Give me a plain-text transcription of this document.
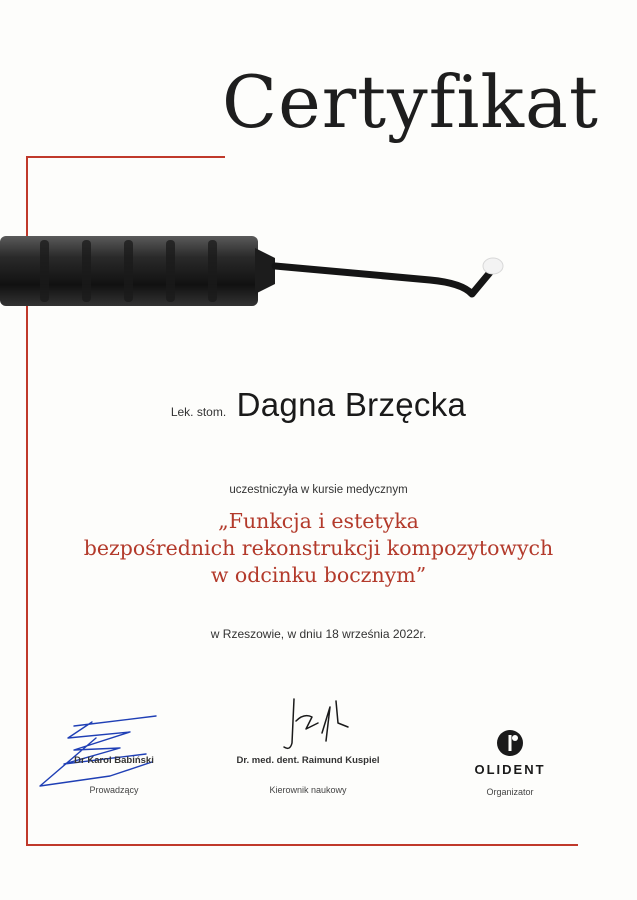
Certyfikat
Lek. stom. Dagna Brzęcka
uczestniczyła w kursie medycznym
„Funkcja i estetyka
bezpośrednich rekonstrukcji kompozytowych
w odcinku bocznym”
w Rzeszowie, w dniu 18 września 2022r.
Dr Karol Babiński
Prowadzący
Dr. med. dent. Raimund Kuspiel
Kierownik naukowy
OLIDENT
Organizator
